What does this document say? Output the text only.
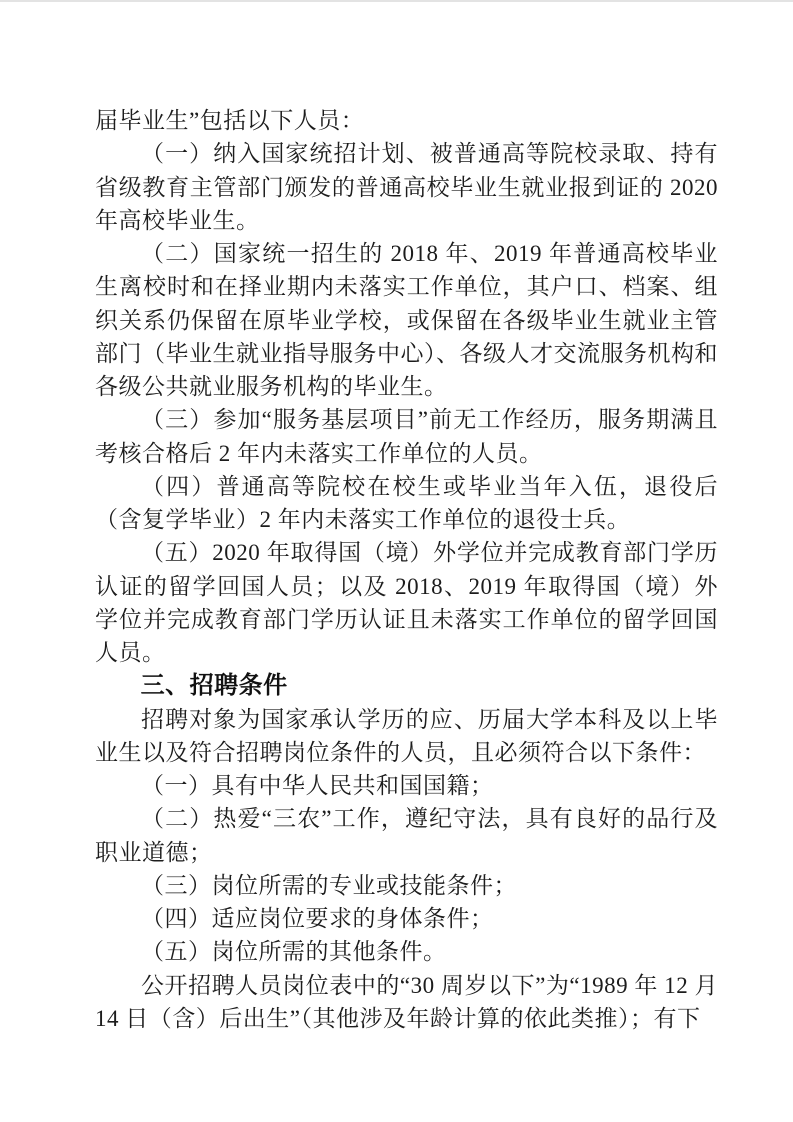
届毕业生”包括以下人员：

（一）纳入国家统招计划、被普通高等院校录取、持有省级教育主管部门颁发的普通高校毕业生就业报到证的 2020 年高校毕业生。

（二）国家统一招生的 2018 年、2019 年普通高校毕业生离校时和在择业期内未落实工作单位，其户口、档案、组织关系仍保留在原毕业学校，或保留在各级毕业生就业主管部门（毕业生就业指导服务中心）、各级人才交流服务机构和各级公共就业服务机构的毕业生。

（三）参加“服务基层项目”前无工作经历，服务期满且考核合格后 2 年内未落实工作单位的人员。

（四）普通高等院校在校生或毕业当年入伍，退役后（含复学毕业）2 年内未落实工作单位的退役士兵。

（五）2020 年取得国（境）外学位并完成教育部门学历认证的留学回国人员；以及 2018、2019 年取得国（境）外学位并完成教育部门学历认证且未落实工作单位的留学回国人员。

三、招聘条件

招聘对象为国家承认学历的应、历届大学本科及以上毕业生以及符合招聘岗位条件的人员，且必须符合以下条件：

（一）具有中华人民共和国国籍；

（二）热爱“三农”工作，遵纪守法，具有良好的品行及职业道德；

（三）岗位所需的专业或技能条件；

（四）适应岗位要求的身体条件；

（五）岗位所需的其他条件。

公开招聘人员岗位表中的“30 周岁以下”为“1989 年 12 月 14 日（含）后出生”（其他涉及年龄计算的依此类推）；有下
